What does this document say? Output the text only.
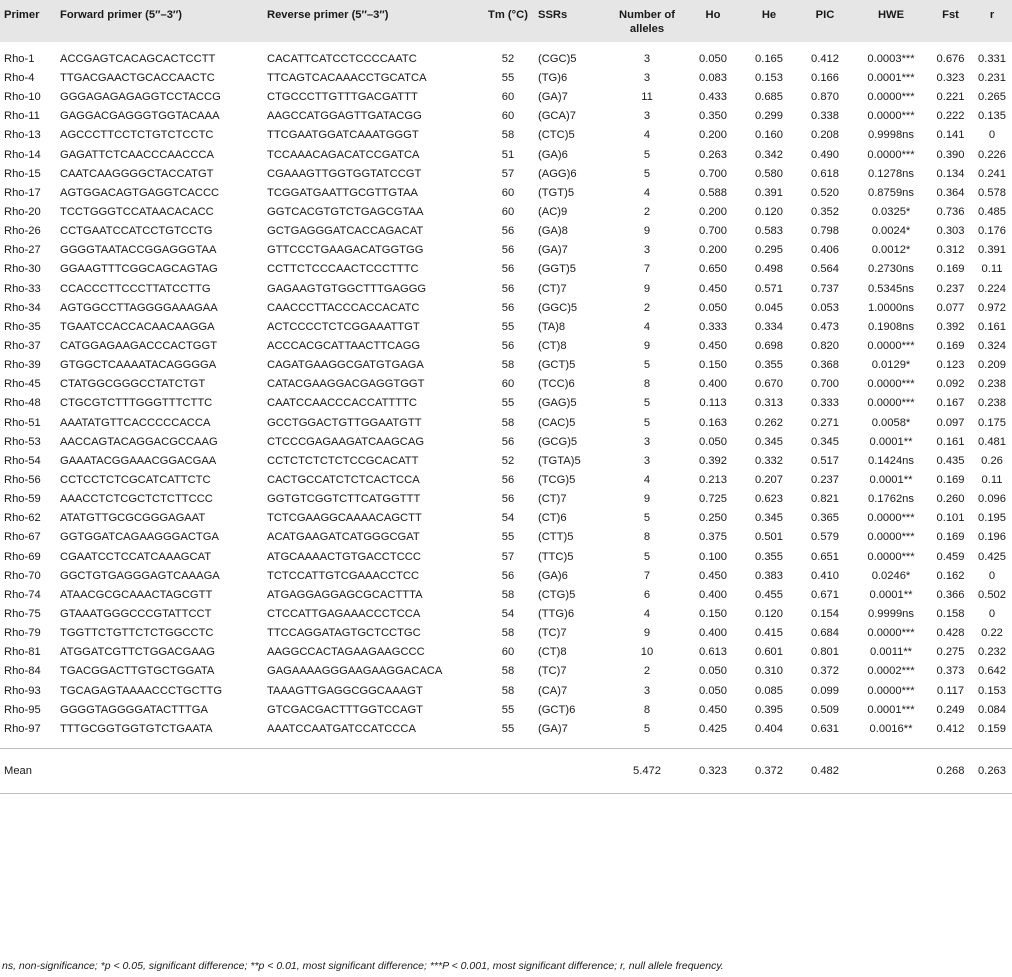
Primer	Forward primer (5′′–3′′)	Reverse primer (5′′–3′′)	Tm (°C)	SSRs	Number of alleles	Ho	He	PIC	HWE	Fst	r
Rho-1	ACCGAGTCACAGCACTCCTT	CACATTCATCCTCCCCAATC	52	(CGC)5	3	0.050	0.165	0.412	0.0003***	0.676	0.331
Rho-4	TTGACGAACTGCACCAACTC	TTCAGTCACAAACCTGCATCA	55	(TG)6	3	0.083	0.153	0.166	0.0001***	0.323	0.231
Rho-10	GGGAGAGAGAGGTCCTACCG	CTGCCCTTGTTTGACGATTT	60	(GA)7	11	0.433	0.685	0.870	0.0000***	0.221	0.265
Rho-11	GAGGACGAGGGTGGTACAAA	AAGCCATGGAGTTGATACGG	60	(GCA)7	3	0.350	0.299	0.338	0.0000***	0.222	0.135
Rho-13	AGCCCTTCCTCTGTCTCCTC	TTCGAATGGATCAAATGGGT	58	(CTC)5	4	0.200	0.160	0.208	0.9998ns	0.141	0
Rho-14	GAGATTCTCAACCCAACCCA	TCCAAACAGACATCCGATCA	51	(GA)6	5	0.263	0.342	0.490	0.0000***	0.390	0.226
Rho-15	CAATCAAGGGGCTACCATGT	CGAAAGTTGGTGGTATCCGT	57	(AGG)6	5	0.700	0.580	0.618	0.1278ns	0.134	0.241
Rho-17	AGTGGACAGTGAGGTCACCC	TCGGATGAATTGCGTTGTAA	60	(TGT)5	4	0.588	0.391	0.520	0.8759ns	0.364	0.578
Rho-20	TCCTGGGTCCATAACACACC	GGTCACGTGTCTGAGCGTAA	60	(AC)9	2	0.200	0.120	0.352	0.0325*	0.736	0.485
Rho-26	CCTGAATCCATCCTGTCCTG	GCTGAGGGATCACCAGACAT	56	(GA)8	9	0.700	0.583	0.798	0.0024*	0.303	0.176
Rho-27	GGGGTAATACCGGAGGGTAA	GTTCCCTGAAGACATGGTGG	56	(GA)7	3	0.200	0.295	0.406	0.0012*	0.312	0.391
Rho-30	GGAAGTTTCGGCAGCAGTAG	CCTTCTCCCAACTCCCTTTC	56	(GGT)5	7	0.650	0.498	0.564	0.2730ns	0.169	0.11
Rho-33	CCACCCTTCCCTTATCCTTG	GAGAAGTGTGGCTTTGAGGG	56	(CT)7	9	0.450	0.571	0.737	0.5345ns	0.237	0.224
Rho-34	AGTGGCCTTAGGGGAAAGAA	CAACCCTTACCCACCACATC	56	(GGC)5	2	0.050	0.045	0.053	1.0000ns	0.077	0.972
Rho-35	TGAATCCACCACAACAAGGA	ACTCCCCTCTCGGAAATTGT	55	(TA)8	4	0.333	0.334	0.473	0.1908ns	0.392	0.161
Rho-37	CATGGAGAAGACCCACTGGT	ACCCACGCATTAACTTCAGG	56	(CT)8	9	0.450	0.698	0.820	0.0000***	0.169	0.324
Rho-39	GTGGCTCAAAATACAGGGGA	CAGATGAAGGCGATGTGAGA	58	(GCT)5	5	0.150	0.355	0.368	0.0129*	0.123	0.209
Rho-45	CTATGGCGGGCCTATCTGT	CATACGAAGGACGAGGTGGT	60	(TCC)6	8	0.400	0.670	0.700	0.0000***	0.092	0.238
Rho-48	CTGCGTCTTTGGGTTTCTTC	CAATCCAACCCACCATTTTC	55	(GAG)5	5	0.113	0.313	0.333	0.0000***	0.167	0.238
Rho-51	AAATATGTTCACCCCCACCA	GCCTGGACTGTTGGAATGTT	58	(CAC)5	5	0.163	0.262	0.271	0.0058*	0.097	0.175
Rho-53	AACCAGTACAGGACGCCAAG	CTCCCGAGAAGATCAAGCAG	56	(GCG)5	3	0.050	0.345	0.345	0.0001**	0.161	0.481
Rho-54	GAAATACGGAAACGGACGAA	CCTCTCTCTCTCCGCACATT	52	(TGTA)5	3	0.392	0.332	0.517	0.1424ns	0.435	0.26
Rho-56	CCTCCTCTCGCATCATTCTC	CACTGCCATCTCTCACTCCA	56	(TCG)5	4	0.213	0.207	0.237	0.0001**	0.169	0.11
Rho-59	AAACCTCTCGCTCTCTTCCC	GGTGTCGGTCTTCATGGTTT	56	(CT)7	9	0.725	0.623	0.821	0.1762ns	0.260	0.096
Rho-62	ATATGTTGCGCGGGAGAAT	TCTCGAAGGCAAAACAGCTT	54	(CT)6	5	0.250	0.345	0.365	0.0000***	0.101	0.195
Rho-67	GGTGGATCAGAAGGGACTGA	ACATGAAGATCATGGGCGAT	55	(CTT)5	8	0.375	0.501	0.579	0.0000***	0.169	0.196
Rho-69	CGAATCCTCCATCAAAGCAT	ATGCAAAACTGTGACCTCCC	57	(TTC)5	5	0.100	0.355	0.651	0.0000***	0.459	0.425
Rho-70	GGCTGTGAGGGAGTCAAAGA	TCTCCATTGTCGAAACCTCC	56	(GA)6	7	0.450	0.383	0.410	0.0246*	0.162	0
Rho-74	ATAACGCGCAAACTAGCGTT	ATGAGGAGGAGCGCACTTTA	58	(CTG)5	6	0.400	0.455	0.671	0.0001**	0.366	0.502
Rho-75	GTAAATGGGCCCGTATTCCT	CTCCATTGAGAAACCCTCCA	54	(TTG)6	4	0.150	0.120	0.154	0.9999ns	0.158	0
Rho-79	TGGTTCTGTTCTCTGGCCTC	TTCCAGGATAGTGCTCCTGC	58	(TC)7	9	0.400	0.415	0.684	0.0000***	0.428	0.22
Rho-81	ATGGATCGTTCTGGACGAAG	AAGGCCACTAGAAGAAGCCC	60	(CT)8	10	0.613	0.601	0.801	0.0011**	0.275	0.232
Rho-84	TGACGGACTTGTGCTGGATA	GAGAAAAGGGAAGAAGGACACA	58	(TC)7	2	0.050	0.310	0.372	0.0002***	0.373	0.642
Rho-93	TGCAGAGTAAAACCCTGCTTG	TAAAGTTGAGGCGGCAAAGT	58	(CA)7	3	0.050	0.085	0.099	0.0000***	0.117	0.153
Rho-95	GGGGTAGGGGATACTTTGA	GTCGACGACTTTGGTCCAGT	55	(GCT)6	8	0.450	0.395	0.509	0.0001***	0.249	0.084
Rho-97	TTTGCGGTGGTGTCTGAATA	AAATCCAATGATCCATCCCA	55	(GA)7	5	0.425	0.404	0.631	0.0016**	0.412	0.159

Mean					5.472	0.323	0.372	0.482		0.268	0.263

ns, non-significance; *p < 0.05, significant difference; **p < 0.01, most significant difference; ***P < 0.001, most significant difference; r, null allele frequency.
